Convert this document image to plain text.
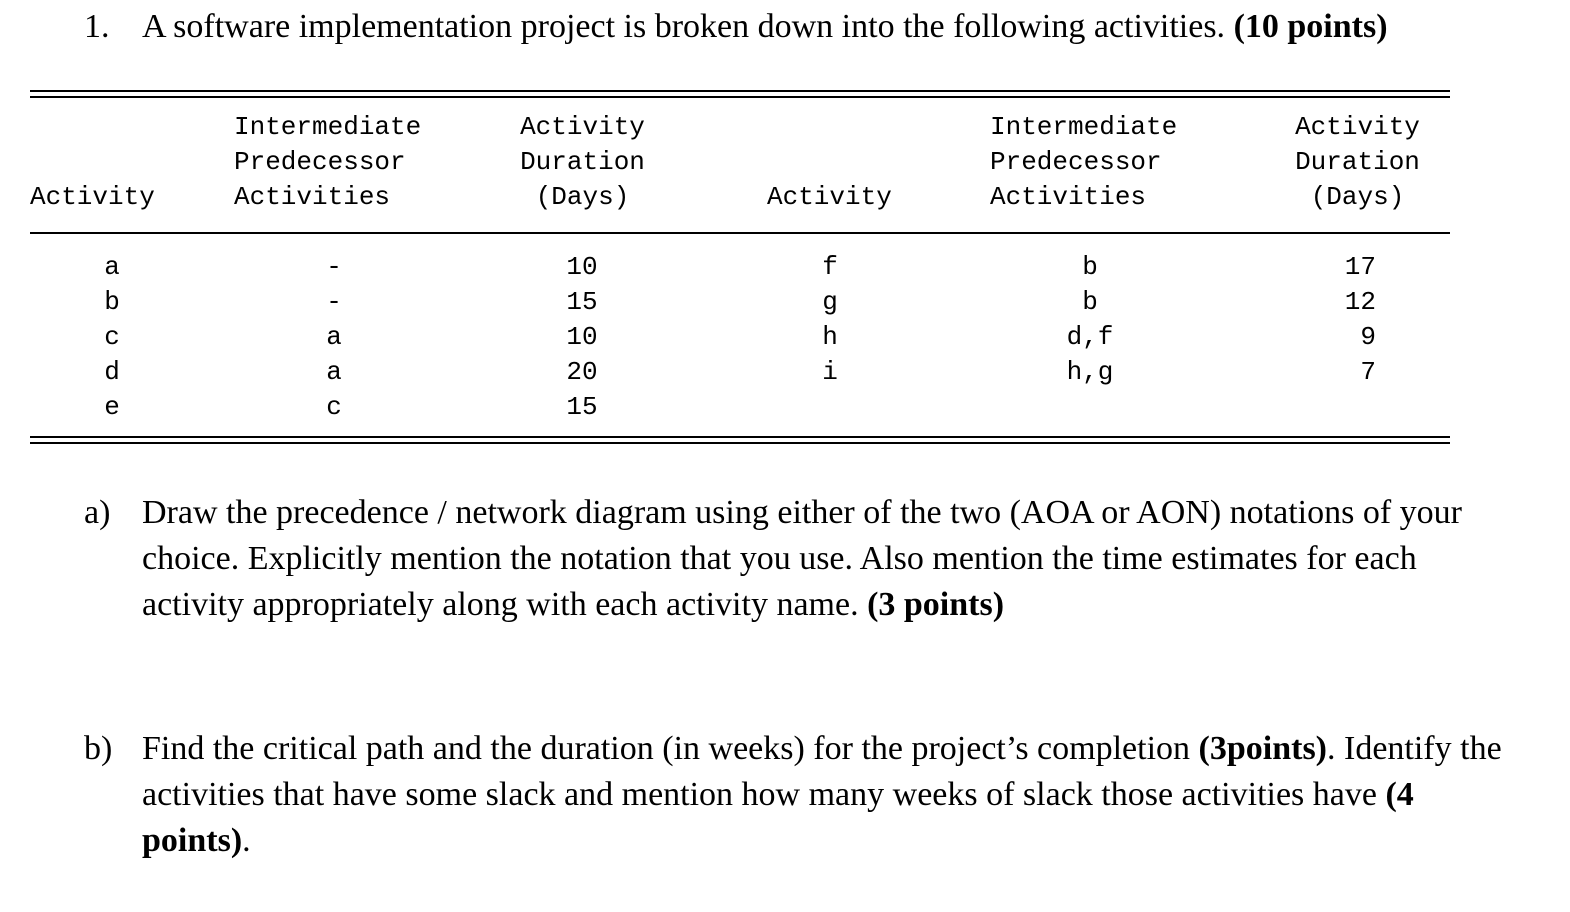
1. A software implementation project is broken down into the following activities. (10 points)
Activity
Intermediate
Predecessor
Activities
Activity
Duration
(Days)	Activity
Intermediate
Predecessor
Activities
Activity
Duration
(Days)
a
b
c
d
e
-
-
a
a
c
10
15
10
20
15
f
g
h
i
b
b
d,f
h,g
17
12
9
7
a) Draw the precedence / network diagram using either of the two (AOA or AON) notations of your choice. Explicitly mention the notation that you use. Also mention the time estimates for each activity appropriately along with each activity name. (3 points)
b) Find the critical path and the duration (in weeks) for the project’s completion (3points). Identify the activities that have some slack and mention how many weeks of slack those activities have (4 points).
